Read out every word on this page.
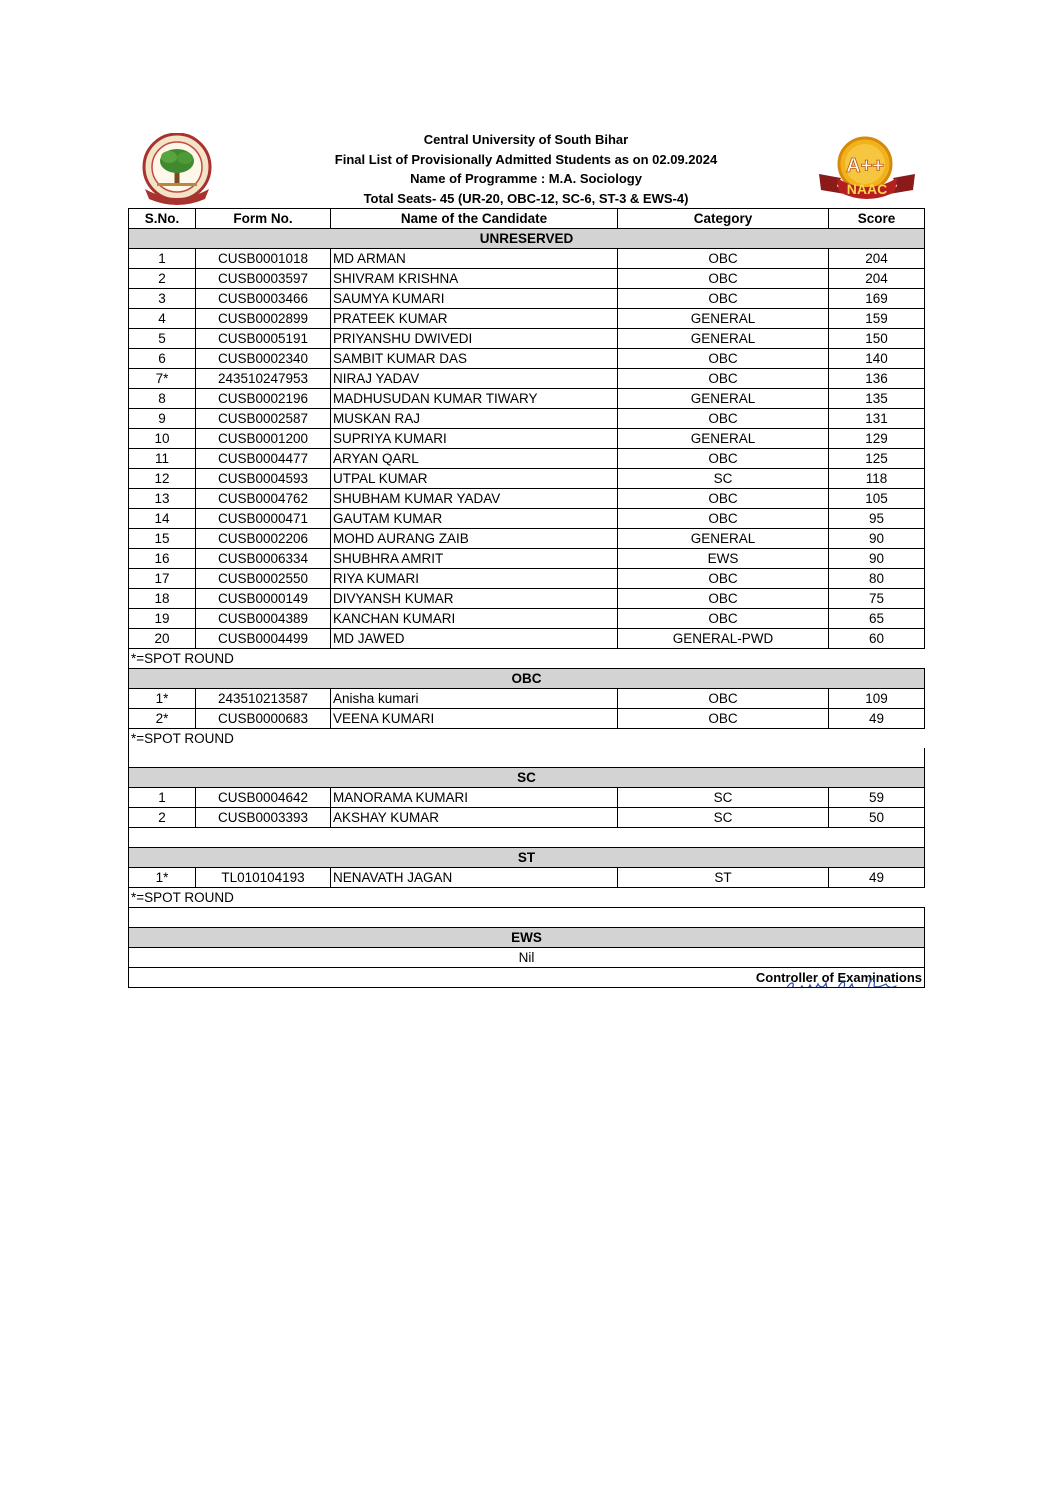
Central University of South Bihar
Final List of Provisionally Admitted Students as on 02.09.2024
Name of Programme : M.A. Sociology
Total Seats- 45 (UR-20, OBC-12, SC-6, ST-3 & EWS-4)
A++
NAAC
S.No.	Form No.	Name of the Candidate	Category	Score
UNRESERVED				
1	CUSB0001018	MD ARMAN	OBC	204
2	CUSB0003597	SHIVRAM KRISHNA	OBC	204
3	CUSB0003466	SAUMYA KUMARI	OBC	169
4	CUSB0002899	PRATEEK KUMAR	GENERAL	159
5	CUSB0005191	PRIYANSHU DWIVEDI	GENERAL	150
6	CUSB0002340	SAMBIT KUMAR DAS	OBC	140
7*	243510247953	NIRAJ YADAV	OBC	136
8	CUSB0002196	MADHUSUDAN KUMAR TIWARY	GENERAL	135
9	CUSB0002587	MUSKAN RAJ	OBC	131
10	CUSB0001200	SUPRIYA KUMARI	GENERAL	129
11	CUSB0004477	ARYAN QARL	OBC	125
12	CUSB0004593	UTPAL KUMAR	SC	118
13	CUSB0004762	SHUBHAM KUMAR YADAV	OBC	105
14	CUSB0000471	GAUTAM KUMAR	OBC	95
15	CUSB0002206	MOHD AURANG ZAIB	GENERAL	90
16	CUSB0006334	SHUBHRA AMRIT	EWS	90
17	CUSB0002550	RIYA KUMARI	OBC	80
18	CUSB0000149	DIVYANSH KUMAR	OBC	75
19	CUSB0004389	KANCHAN KUMARI	OBC	65
20	CUSB0004499	MD JAWED	GENERAL-PWD	60
*=SPOT ROUND				
OBC				
1*	243510213587	Anisha kumari	OBC	109
2*	CUSB0000683	VEENA KUMARI	OBC	49
*=SPOT ROUND				

SC				
1	CUSB0004642	MANORAMA KUMARI	SC	59
2	CUSB0003393	AKSHAY KUMAR	SC	50

ST				
1*	TL010104193	NENAVATH JAGAN	ST	49
*=SPOT ROUND				

EWS				
Nil				

Controller of Examinations				
